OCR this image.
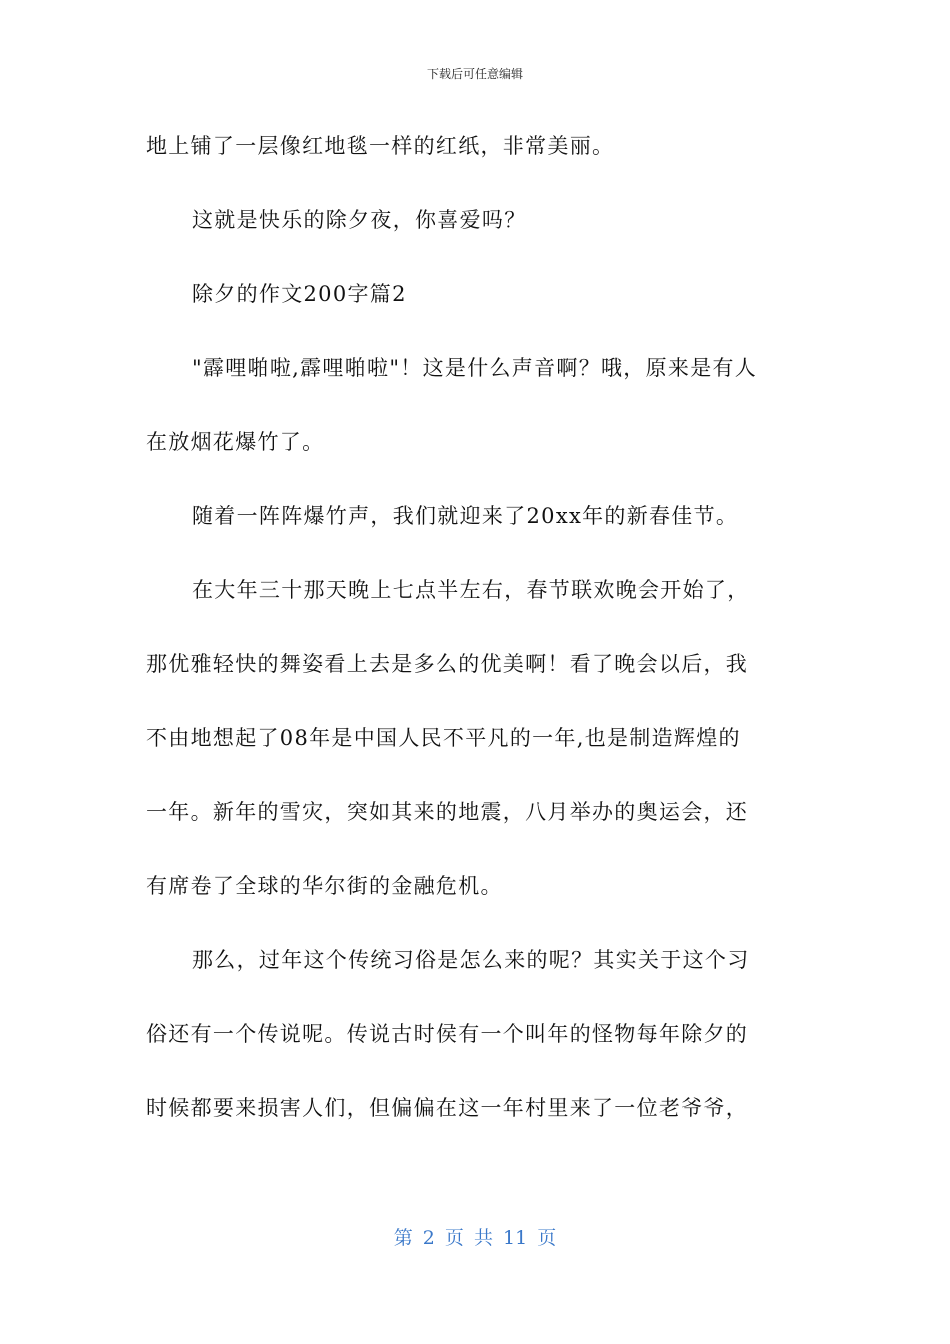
下载后可任意编辑

地上铺了一层像红地毯一样的红纸，非常美丽。

这就是快乐的除夕夜，你喜爱吗？

除夕的作文200字篇2

"霹哩啪啦,霹哩啪啦"！这是什么声音啊？哦，原来是有人

在放烟花爆竹了。

随着一阵阵爆竹声，我们就迎来了20xx年的新春佳节。

在大年三十那天晚上七点半左右，春节联欢晚会开始了，

那优雅轻快的舞姿看上去是多么的优美啊！看了晚会以后，我

不由地想起了08年是中国人民不平凡的一年,也是制造辉煌的

一年。新年的雪灾，突如其来的地震，八月举办的奥运会，还

有席卷了全球的华尔街的金融危机。

那么，过年这个传统习俗是怎么来的呢？其实关于这个习

俗还有一个传说呢。传说古时侯有一个叫年的怪物每年除夕的

时候都要来损害人们，但偏偏在这一年村里来了一位老爷爷，

第 2 页 共 11 页
